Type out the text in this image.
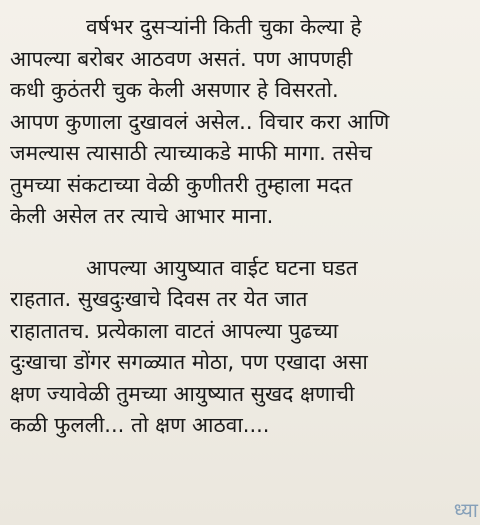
वर्षभर दुसऱ्यांनी किती चुका केल्या हे
आपल्या बरोबर आठवण असतं. पण आपणही
कधी कुठंतरी चुक केली असणार हे विसरतो.
आपण कुणाला दुखावलं असेल.. विचार करा आणि
जमल्यास त्यासाठी त्याच्याकडे माफी मागा. तसेच
तुमच्या संकटाच्या वेळी कुणीतरी तुम्हाला मदत
केली असेल तर त्याचे आभार माना.
आपल्या आयुष्यात वाईट घटना घडत
राहतात. सुखदुःखाचे दिवस तर येत जात
राहातातच. प्रत्येकाला वाटतं आपल्या पुढच्या
दुःखाचा डोंगर सगळ्यात मोठा, पण एखादा असा
क्षण ज्यावेळी तुमच्या आयुष्यात सुखद क्षणाची
कळी फुलली... तो क्षण आठवा....
ध्या
